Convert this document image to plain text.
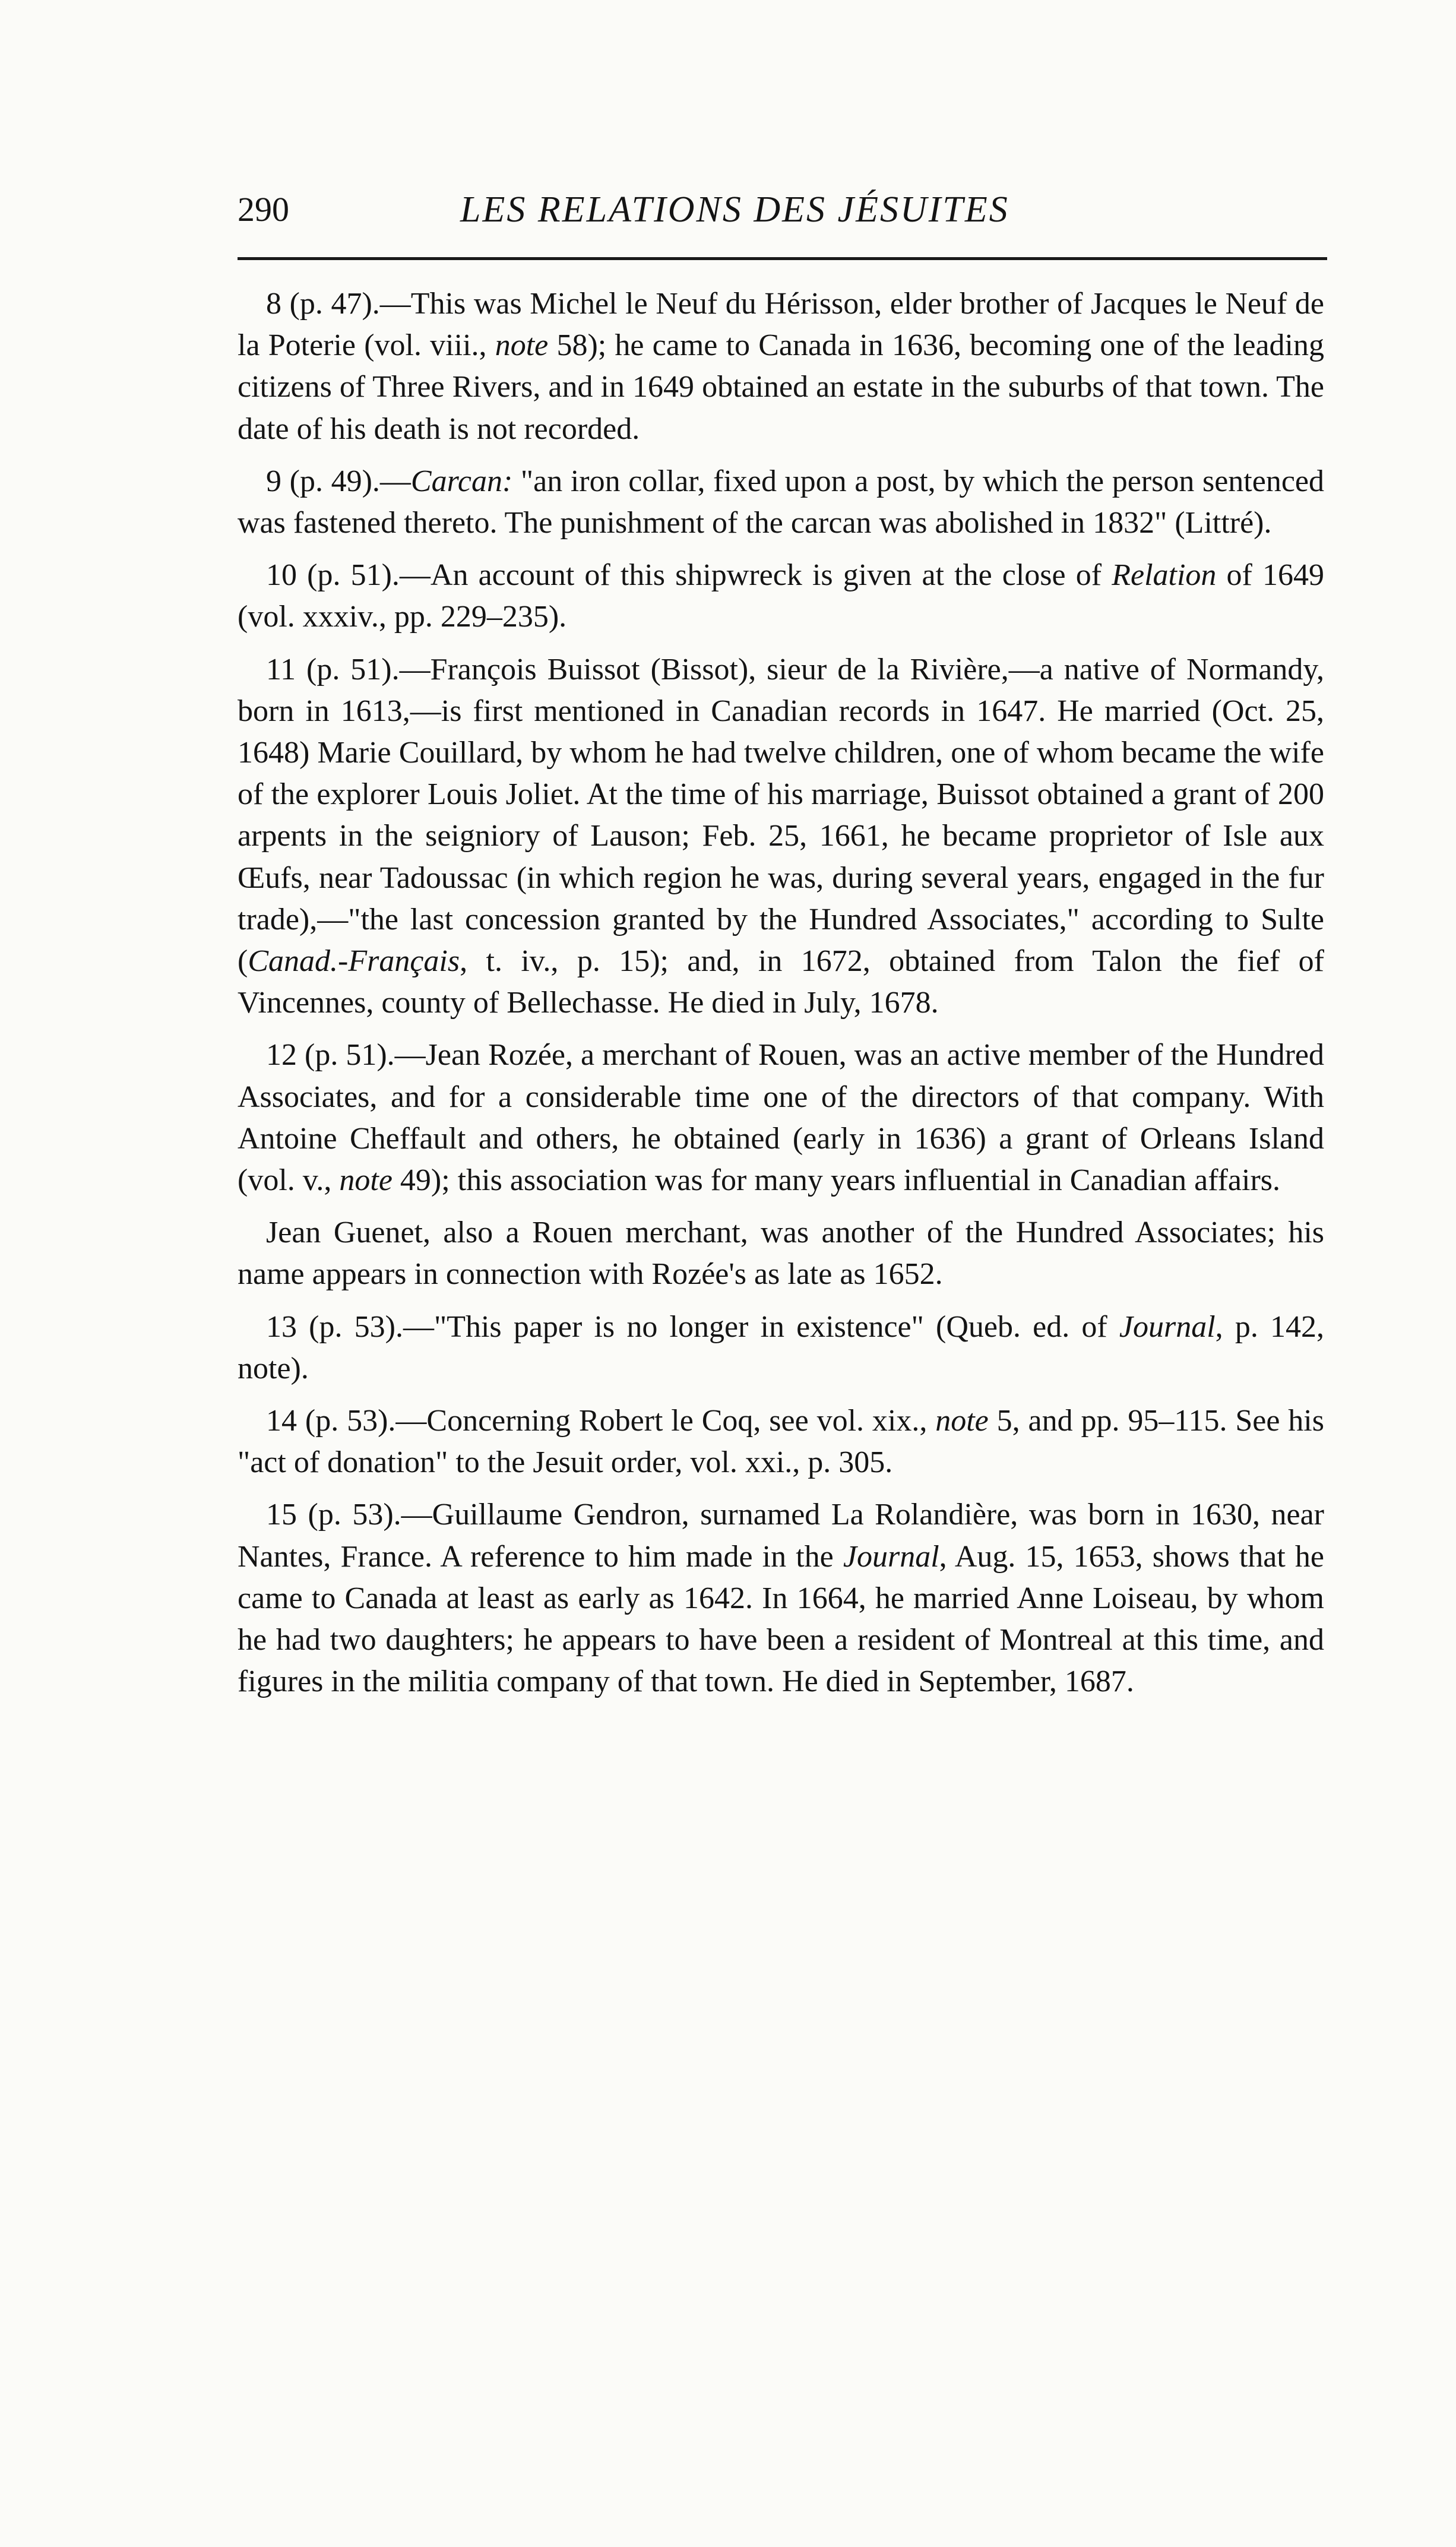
290	LES RELATIONS DES JÉSUITES

8 (p. 47).—This was Michel le Neuf du Hérisson, elder brother of Jacques le Neuf de la Poterie (vol. viii., note 58); he came to Canada in 1636, becoming one of the leading citizens of Three Rivers, and in 1649 obtained an estate in the suburbs of that town. The date of his death is not recorded.

9 (p. 49).—Carcan: "an iron collar, fixed upon a post, by which the person sentenced was fastened thereto. The punishment of the carcan was abolished in 1832" (Littré).

10 (p. 51).—An account of this shipwreck is given at the close of Relation of 1649 (vol. xxxiv., pp. 229–235).

11 (p. 51).—François Buissot (Bissot), sieur de la Rivière,—a native of Normandy, born in 1613,—is first mentioned in Canadian records in 1647. He married (Oct. 25, 1648) Marie Couillard, by whom he had twelve children, one of whom became the wife of the explorer Louis Joliet. At the time of his marriage, Buissot obtained a grant of 200 arpents in the seigniory of Lauson; Feb. 25, 1661, he became proprietor of Isle aux Œufs, near Tadoussac (in which region he was, during several years, engaged in the fur trade),—"the last concession granted by the Hundred Associates," according to Sulte (Canad.-Français, t. iv., p. 15); and, in 1672, obtained from Talon the fief of Vincennes, county of Bellechasse. He died in July, 1678.

12 (p. 51).—Jean Rozée, a merchant of Rouen, was an active member of the Hundred Associates, and for a considerable time one of the directors of that company. With Antoine Cheffault and others, he obtained (early in 1636) a grant of Orleans Island (vol. v., note 49); this association was for many years influential in Canadian affairs.

Jean Guenet, also a Rouen merchant, was another of the Hundred Associates; his name appears in connection with Rozée's as late as 1652.

13 (p. 53).—"This paper is no longer in existence" (Queb. ed. of Journal, p. 142, note).

14 (p. 53).—Concerning Robert le Coq, see vol. xix., note 5, and pp. 95–115. See his "act of donation" to the Jesuit order, vol. xxi., p. 305.

15 (p. 53).—Guillaume Gendron, surnamed La Rolandière, was born in 1630, near Nantes, France. A reference to him made in the Journal, Aug. 15, 1653, shows that he came to Canada at least as early as 1642. In 1664, he married Anne Loiseau, by whom he had two daughters; he appears to have been a resident of Montreal at this time, and figures in the militia company of that town. He died in September, 1687.
